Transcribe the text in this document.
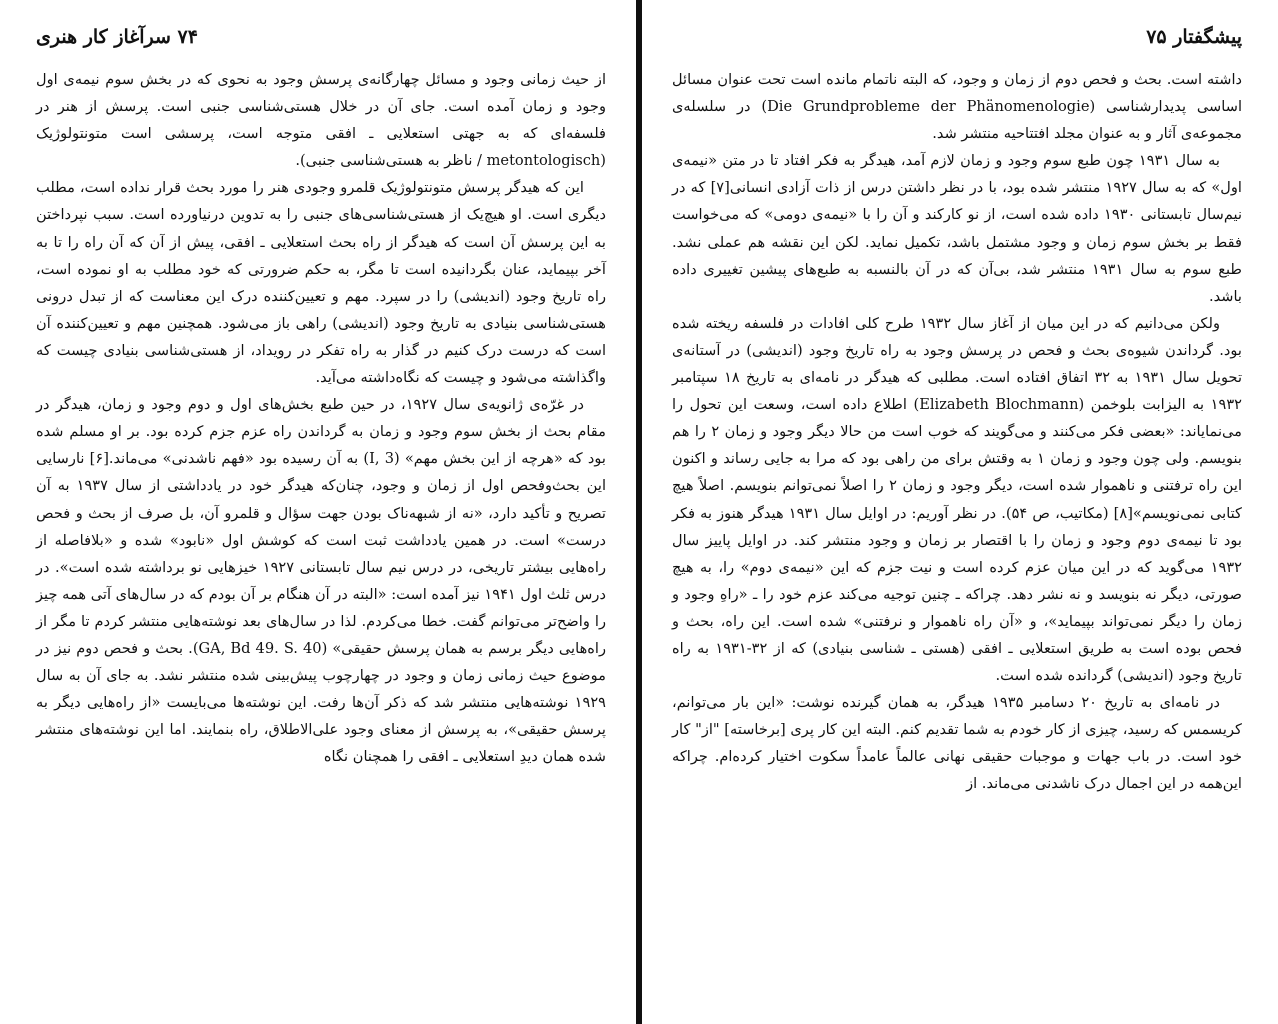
۷۴ سرآغاز کار هنری

از حیث زمانی وجود و مسائل چهارگانه‌ی پرسش وجود به نحوی که در بخش سوم نیمه‌ی اول وجود و زمان آمده است. جای آن در خلال هستی‌شناسی جنبی است. پرسش از هنر در فلسفه‌ای که به جهتی استعلایی ـ افقی متوجه است، پرسشی است متونتولوژیک (metontologisch / ناظر به هستی‌شناسی جنبی).

این که هیدگر پرسش متونتولوژیک قلمرو وجودی هنر را مورد بحث قرار نداده است، مطلب دیگری است. او هیچ‌یک از هستی‌شناسی‌های جنبی را به تدوین درنیاورده است. سبب نپرداختن به این پرسش آن است که هیدگر از راه بحث استعلایی ـ افقی، پیش از آن که آن راه را تا به آخر بپیماید، عنان بگردانیده است تا مگر، به حکم ضرورتی که خود مطلب به او نموده است، راه تاریخ وجود (اندیشی) را در سپرد. مهم و تعیین‌کننده درک این معناست که از تبدل درونی هستی‌شناسی بنیادی به تاریخ وجود (اندیشی) راهی باز می‌شود. همچنین مهم و تعیین‌کننده آن است که درست درک کنیم در گذار به راه تفکر در رویداد، از هستی‌شناسی بنیادی چیست که واگذاشته می‌شود و چیست که نگاه‌داشته می‌آید.

در غرّه‌ی ژانویه‌ی سال ۱۹۲۷، در حین طبع بخش‌های اول و دوم وجود و زمان، هیدگر در مقام بحث از بخش سوم وجود و زمان به گرداندن راه عزم جزم کرده بود. بر او مسلم شده بود که «هرچه از این بخش مهم» (I, 3) به آن رسیده بود «فهم ناشدنی» می‌ماند.[۶] نارسایی این بحث‌وفحص اول از زمان و وجود، چنان‌که هیدگر خود در یادداشتی از سال ۱۹۳۷ به آن تصریح و تأکید دارد، «نه از شبهه‌ناک بودن جهت سؤال و قلمرو آن، بل صرف از بحث و فحص درست» است. در همین یادداشت ثبت است که کوشش اول «نابود» شده و «بلافاصله از راه‌هایی بیشتر تاریخی، در درس نیم سال تابستانی ۱۹۲۷ خیزهایی نو برداشته شده است». در درس ثلث اول ۱۹۴۱ نیز آمده است: «البته در آن هنگام بر آن بودم که در سال‌های آتی همه چیز را واضح‌تر می‌توانم گفت. خطا می‌کردم. لذا در سال‌های بعد نوشته‌هایی منتشر کردم تا مگر از راه‌هایی دیگر برسم به همان پرسش حقیقی» (GA, Bd 49. S. 40). بحث و فحص دوم نیز در موضوع حیث زمانی زمان و وجود در چهارچوب پیش‌بینی شده منتشر نشد. به جای آن به سال ۱۹۲۹ نوشته‌هایی منتشر شد که ذکر آن‌ها رفت. این نوشته‌ها می‌بایست «از راه‌هایی دیگر به پرسش حقیقی»، به پرسش از معنای وجود علی‌الاطلاق، راه بنمایند. اما این نوشته‌های منتشر شده همان دیدِ استعلایی ـ افقی را همچنان نگاه

پیشگفتار ۷۵

داشته است. بحث و فحص دوم از زمان و وجود، که البته ناتمام مانده است تحت عنوان مسائل اساسی پدیدارشناسی (Die Grundprobleme der Phänomenologie) در سلسله‌ی مجموعه‌ی آثار و به عنوان مجلد افتتاحیه منتشر شد.

به سال ۱۹۳۱ چون طبع سوم وجود و زمان لازم آمد، هیدگر به فکر افتاد تا در متن «نیمه‌ی اول» که به سال ۱۹۲۷ منتشر شده بود، با در نظر داشتن درس از ذات آزادی انسانی[۷] که در نیم‌سال تابستانی ۱۹۳۰ داده شده است، از نو کارکند و آن را با «نیمه‌ی دومی» که می‌خواست فقط بر بخش سوم زمان و وجود مشتمل باشد، تکمیل نماید. لکن این نقشه هم عملی نشد. طبع سوم به سال ۱۹۳۱ منتشر شد، بی‌آن که در آن بالنسبه به طبع‌های پیشین تغییری داده باشد.

ولکن می‌دانیم که در این میان از آغاز سال ۱۹۳۲ طرح کلی افادات در فلسفه ریخته شده بود. گرداندن شیوه‌ی بحث و فحص در پرسش وجود به راه تاریخ وجود (اندیشی) در آستانه‌ی تحویل سال ۱۹۳۱ به ۳۲ اتفاق افتاده است. مطلبی که هیدگر در نامه‌ای به تاریخ ۱۸ سپتامبر ۱۹۳۲ به الیزابت بلوخمن (Elizabeth Blochmann) اطلاع داده است، وسعت این تحول را می‌نمایاند: «بعضی فکر می‌کنند و می‌گویند که خوب است من حالا دیگر وجود و زمان ۲ را هم بنویسم. ولی چون وجود و زمان ۱ به وقتش برای من راهی بود که مرا به جایی رساند و اکنون این راه ترفتنی و ناهموار شده است، دیگر وجود و زمان ۲ را اصلاً نمی‌توانم بنویسم. اصلاً هیچ کتابی نمی‌نویسم»[۸] (مکاتیب، ص ۵۴). در نظر آوریم: در اوایل سال ۱۹۳۱ هیدگر هنوز به فکر بود تا نیمه‌ی دوم وجود و زمان را با اقتصار بر زمان و وجود منتشر کند. در اوایل پاییز سال ۱۹۳۲ می‌گوید که در این میان عزم کرده است و نیت جزم که این «نیمه‌ی دوم» را، به هیچ صورتی، دیگر نه بنویسد و نه نشر دهد. چراکه ـ چنین توجیه می‌کند عزم خود را ـ «راهِ وجود و زمان را دیگر نمی‌تواند بپیماید»، و «آن راه ناهموار و نرفتنی» شده است. این راه، بحث و فحص بوده است به طریق استعلایی ـ افقی (هستی ـ شناسی بنیادی) که از ۳۲-۱۹۳۱ به راه تاریخ وجود (اندیشی) گردانده شده است.

در نامه‌ای به تاریخ ۲۰ دسامبر ۱۹۳۵ هیدگر، به همان گیرنده نوشت: «این بار می‌توانم، کریسمس که رسید، چیزی از کار خودم به شما تقدیم کنم. البته این کار پری [برخاسته] "از" کار خود است. در باب جهات و موجبات حقیقی نهانی عالماً عامداً سکوت اختیار کرده‌ام. چراکه این‌همه در این اجمال درک ناشدنی می‌ماند. از
